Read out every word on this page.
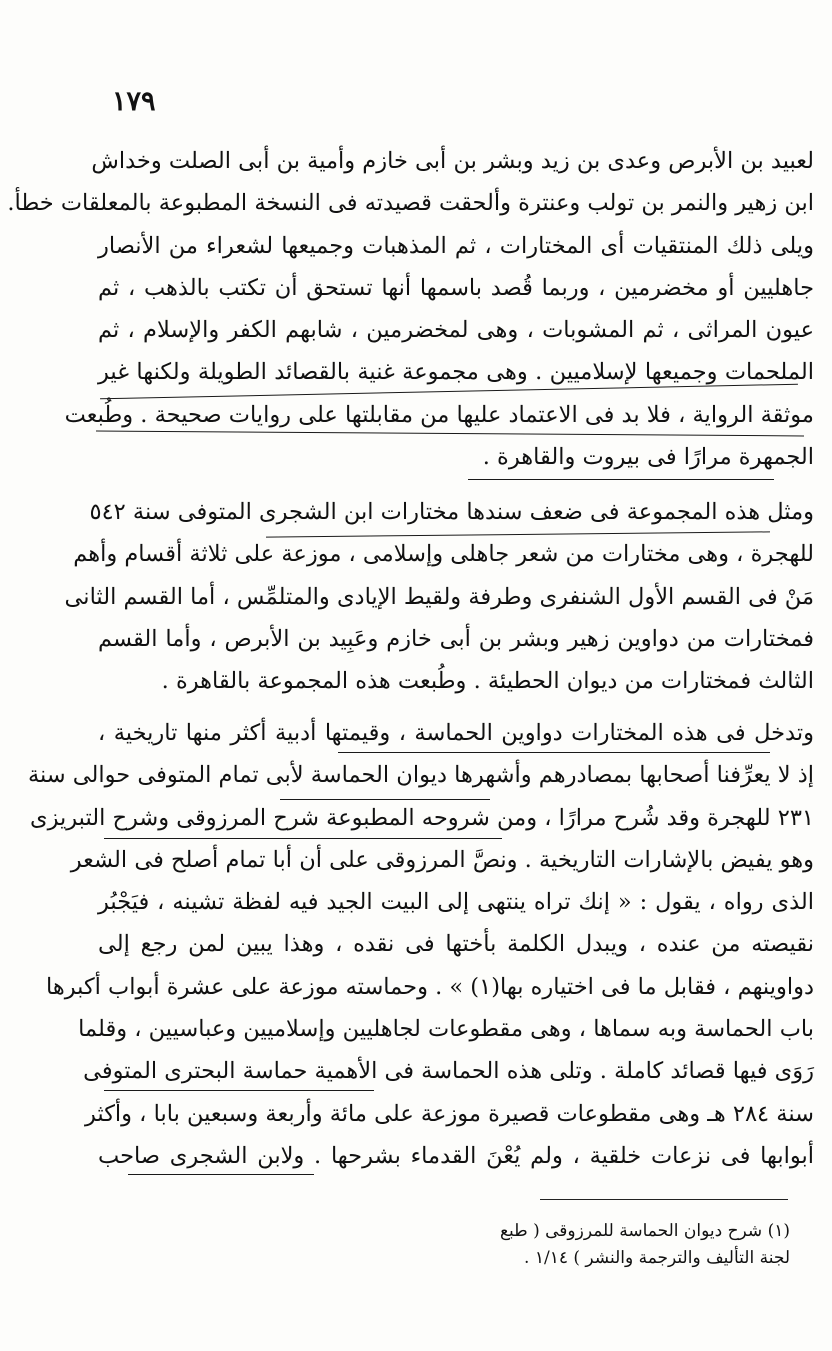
١٧٩
لعبيد بن الأبرص وعدى بن زيد وبشر بن أبى خازم وأمية بن أبى الصلت وخداش
ابن زهير والنمر بن تولب وعنترة وألحقت قصيدته فى النسخة المطبوعة بالمعلقات خطأ.
ويلى ذلك المنتقيات أى المختارات ، ثم المذهبات وجميعها لشعراء من الأنصار
جاهليين أو مخضرمين ، وربما قُصد باسمها أنها تستحق أن تكتب بالذهب ، ثم
عيون المراثى ، ثم المشوبات ، وهى لمخضرمين ، شابهم الكفر والإسلام ، ثم
الملحمات وجميعها لإسلاميين . وهى مجموعة غنية بالقصائد الطويلة ولكنها غير
موثقة الرواية ، فلا بد فى الاعتماد عليها من مقابلتها على روايات صحيحة . وطُبعت
الجمهرة مرارًا فى بيروت والقاهرة .
ومثل هذه المجموعة فى ضعف سندها مختارات ابن الشجرى المتوفى سنة ٥٤٢
للهجرة ، وهى مختارات من شعر جاهلى وإسلامى ، موزعة على ثلاثة أقسام وأهم
مَنْ فى القسم الأول الشنفرى وطرفة ولقيط الإيادى والمتلمِّس ، أما القسم الثانى
فمختارات من دواوين زهير وبشر بن أبى خازم وعَبِيد بن الأبرص ، وأما القسم
الثالث فمختارات من ديوان الحطيئة . وطُبعت هذه المجموعة بالقاهرة .
وتدخل فى هذه المختارات دواوين الحماسة ، وقيمتها أدبية أكثر منها تاريخية ،
إذ لا يعرِّفنا أصحابها بمصادرهم وأشهرها ديوان الحماسة لأبى تمام المتوفى حوالى سنة
٢٣١ للهجرة وقد شُرح مرارًا ، ومن شروحه المطبوعة شرح المرزوقى وشرح التبريزى
وهو يفيض بالإشارات التاريخية . ونصَّ المرزوقى على أن أبا تمام أصلح فى الشعر
الذى رواه ، يقول : « إنك تراه ينتهى إلى البيت الجيد فيه لفظة تشينه ، فيَجْبُر
نقيصته من عنده ، ويبدل الكلمة بأختها فى نقده ، وهذا يبين لمن رجع إلى
دواوينهم ، فقابل ما فى اختياره بها(١) » . وحماسته موزعة على عشرة أبواب أكبرها
باب الحماسة وبه سماها ، وهى مقطوعات لجاهليين وإسلاميين وعباسيين ، وقلما
رَوَى فيها قصائد كاملة . وتلى هذه الحماسة فى الأهمية حماسة البحترى المتوفى
سنة ٢٨٤ هـ وهى مقطوعات قصيرة موزعة على مائة وأربعة وسبعين بابا ، وأكثر
أبوابها فى نزعات خلقية ، ولم يُعْنَ القدماء بشرحها . ولابن الشجرى صاحب
(١) شرح ديوان الحماسة للمرزوقى ( طبع
لجنة التأليف والترجمة والنشر ) ١/١٤ .
